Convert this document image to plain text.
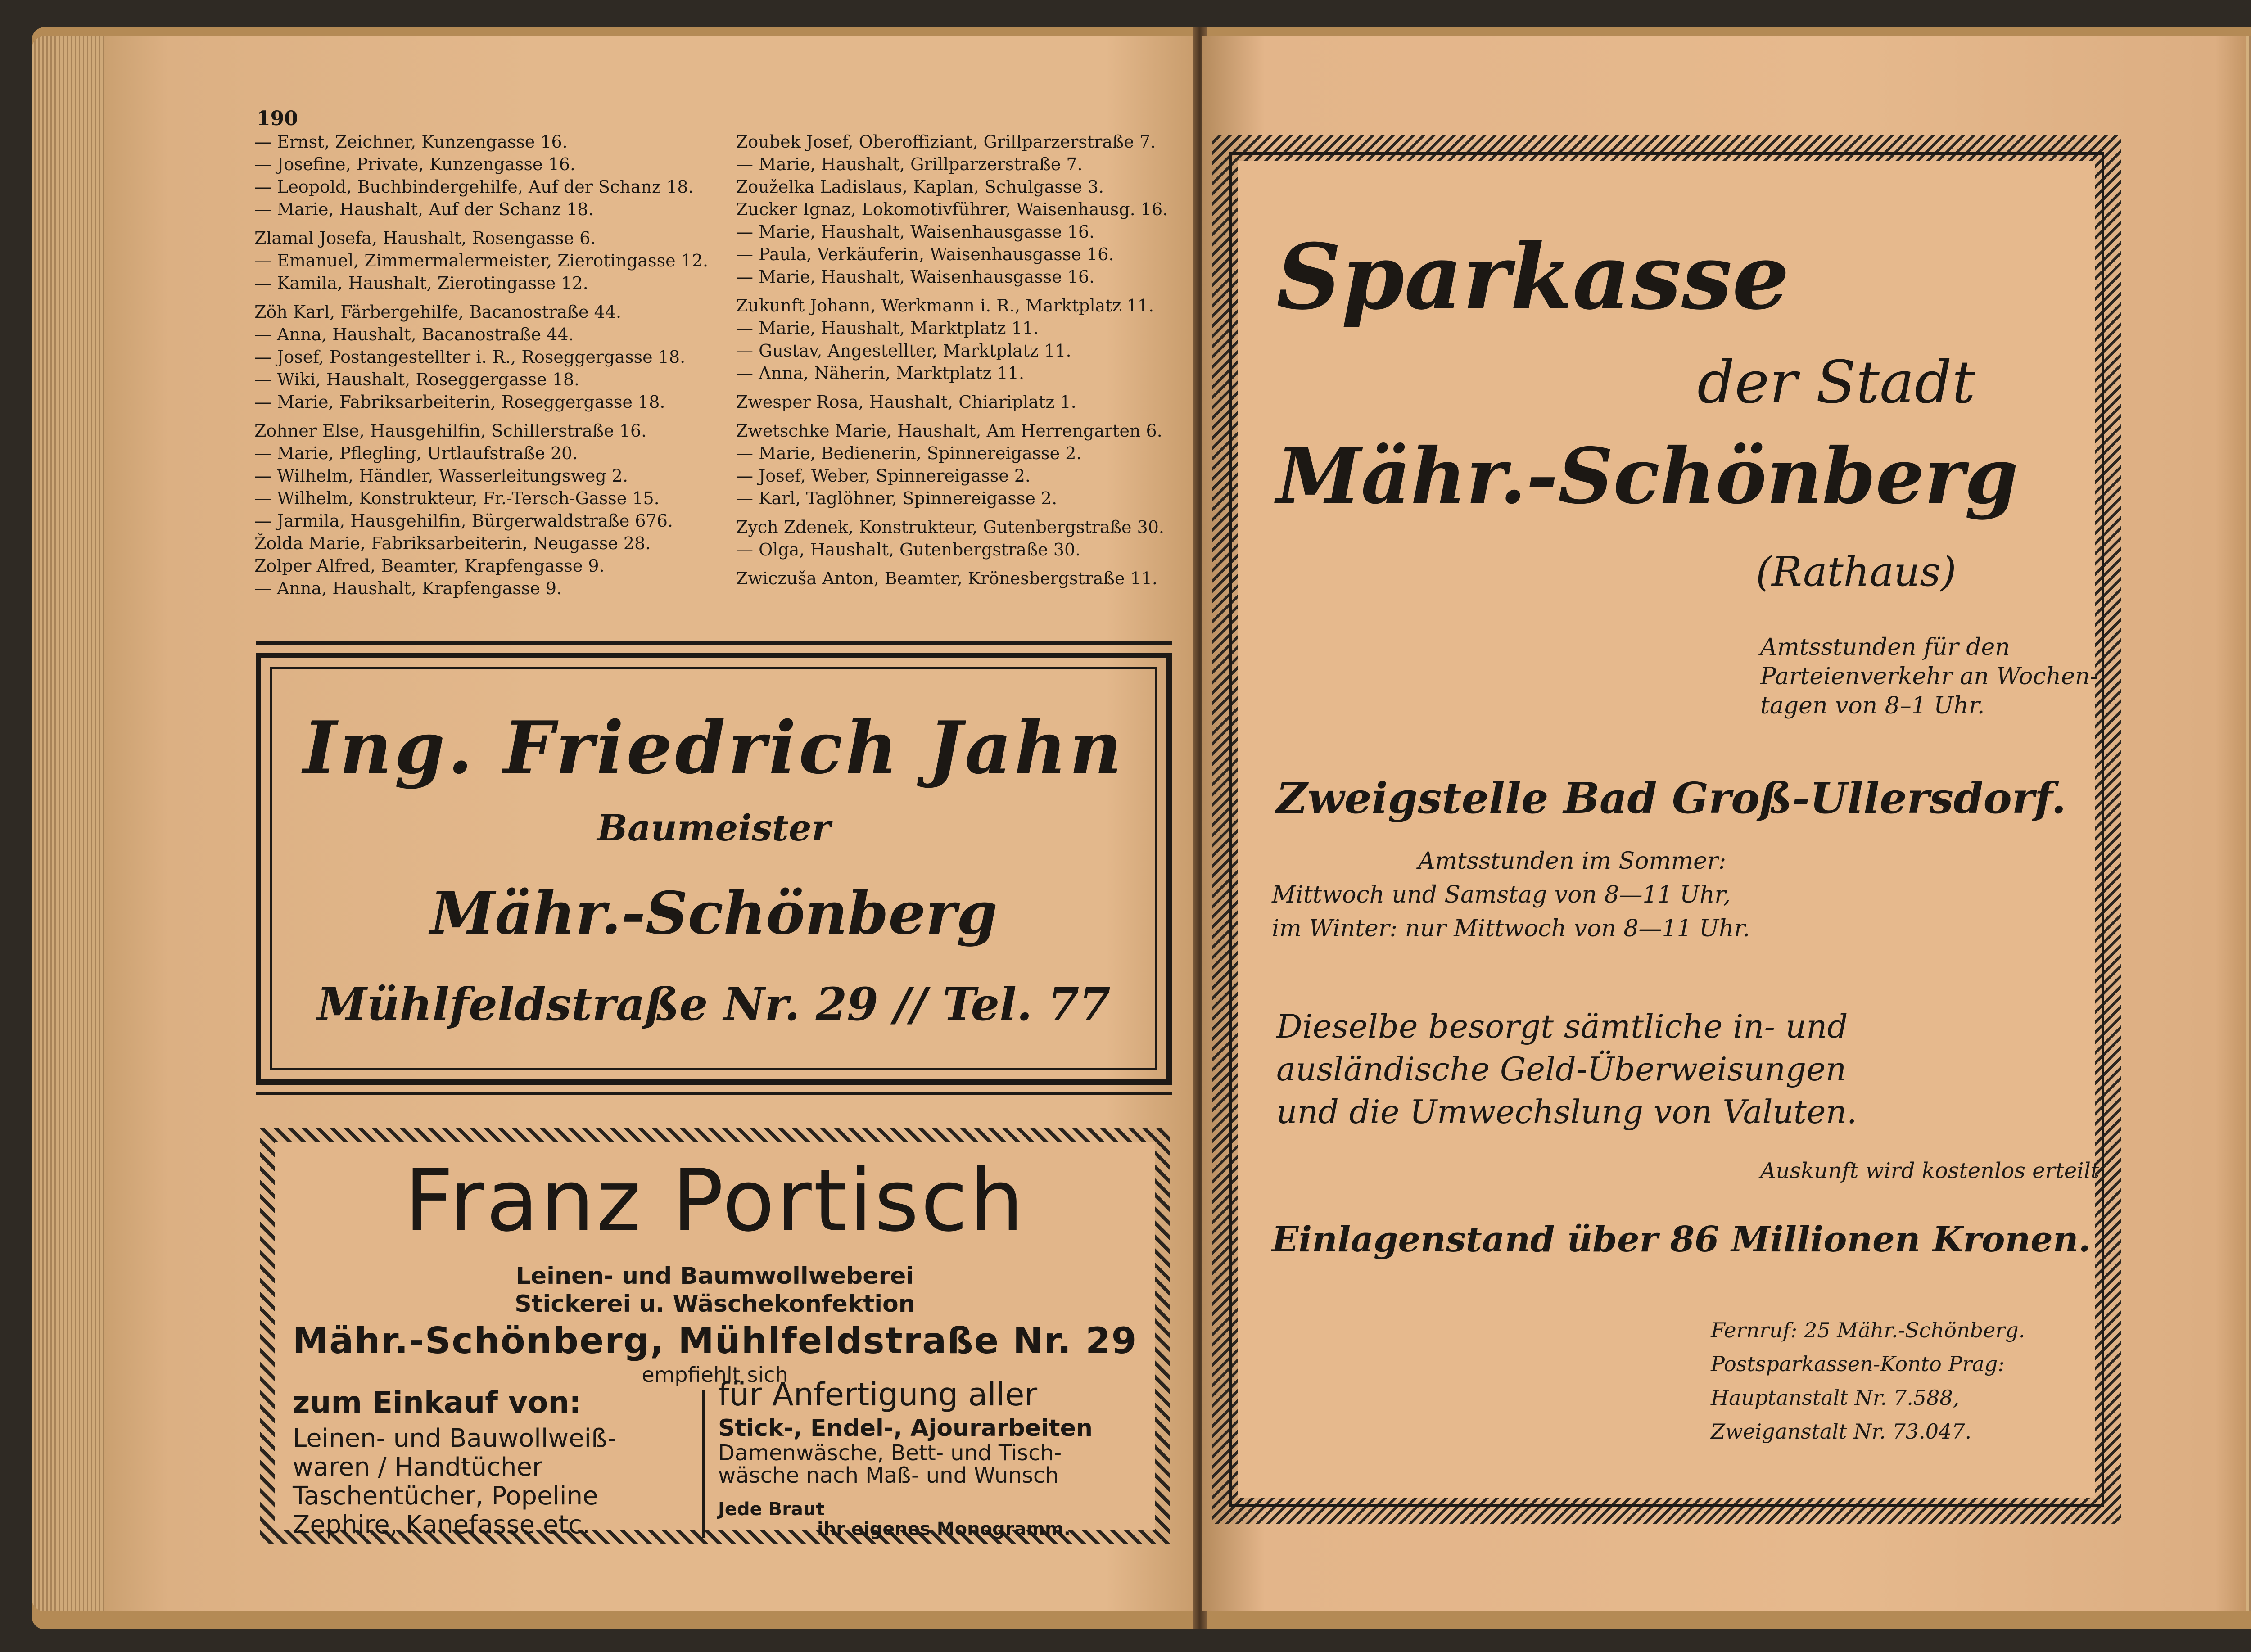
190
— Ernst, Zeichner, Kunzengasse 16.
— Josefine, Private, Kunzengasse 16.
— Leopold, Buchbindergehilfe, Auf der Schanz 18.
— Marie, Haushalt, Auf der Schanz 18.
Zlamal Josefa, Haushalt, Rosengasse 6.
— Emanuel, Zimmermalermeister, Zierotingasse 12.
— Kamila, Haushalt, Zierotingasse 12.
Zöh Karl, Färbergehilfe, Bacanostraße 44.
— Anna, Haushalt, Bacanostraße 44.
— Josef, Postangestellter i. R., Roseggergasse 18.
— Wiki, Haushalt, Roseggergasse 18.
— Marie, Fabriksarbeiterin, Roseggergasse 18.
Zohner Else, Hausgehilfin, Schillerstraße 16.
— Marie, Pflegling, Urtlaufstraße 20.
— Wilhelm, Händler, Wasserleitungsweg 2.
— Wilhelm, Konstrukteur, Fr.-Tersch-Gasse 15.
— Jarmila, Hausgehilfin, Bürgerwaldstraße 676.
Žolda Marie, Fabriksarbeiterin, Neugasse 28.
Zolper Alfred, Beamter, Krapfengasse 9.
— Anna, Haushalt, Krapfengasse 9.
Zoubek Josef, Oberoffiziant, Grillparzerstraße 7.
— Marie, Haushalt, Grillparzerstraße 7.
Zouželka Ladislaus, Kaplan, Schulgasse 3.
Zucker Ignaz, Lokomotivführer, Waisenhausg. 16.
— Marie, Haushalt, Waisenhausgasse 16.
— Paula, Verkäuferin, Waisenhausgasse 16.
— Marie, Haushalt, Waisenhausgasse 16.
Zukunft Johann, Werkmann i. R., Marktplatz 11.
— Marie, Haushalt, Marktplatz 11.
— Gustav, Angestellter, Marktplatz 11.
— Anna, Näherin, Marktplatz 11.
Zwesper Rosa, Haushalt, Chiariplatz 1.
Zwetschke Marie, Haushalt, Am Herrengarten 6.
— Marie, Bedienerin, Spinnereigasse 2.
— Josef, Weber, Spinnereigasse 2.
— Karl, Taglöhner, Spinnereigasse 2.
Zych Zdenek, Konstrukteur, Gutenbergstraße 30.
— Olga, Haushalt, Gutenbergstraße 30.
Zwiczuša Anton, Beamter, Krönesbergstraße 11.
Ing. Friedrich Jahn
Baumeister
Mähr.-Schönberg
Mühlfeldstraße Nr. 29 // Tel. 77
Franz Portisch
Leinen- und Baumwollweberei
Stickerei u. Wäschekonfektion
Mähr.-Schönberg, Mühlfeldstraße Nr. 29
empfiehlt sich
zum Einkauf von:
Leinen- und Bauwollweiß-
waren / Handtücher
Taschentücher, Popeline
Zephire, Kanefasse etc.
für Anfertigung aller
Stick-, Endel-, Ajourarbeiten
Damenwäsche, Bett- und Tisch-
wäsche nach Maß- und Wunsch
Jede Braut
ihr eigenes Monogramm.
Sparkasse
der Stadt
Mähr.-Schönberg
(Rathaus)
Amtsstunden für den
Parteienverkehr an Wochen-
tagen von 8–1 Uhr.
Zweigstelle Bad Groß-Ullersdorf.
Amtsstunden im Sommer:
Mittwoch und Samstag von 8—11 Uhr,
im Winter: nur Mittwoch von 8—11 Uhr.
Dieselbe besorgt sämtliche in- und
ausländische Geld-Überweisungen
und die Umwechslung von Valuten.
Auskunft wird kostenlos erteilt
Einlagenstand über 86 Millionen Kronen.
Fernruf: 25 Mähr.-Schönberg.
Postsparkassen-Konto Prag:
Hauptanstalt Nr. 7.588,
Zweiganstalt Nr. 73.047.
